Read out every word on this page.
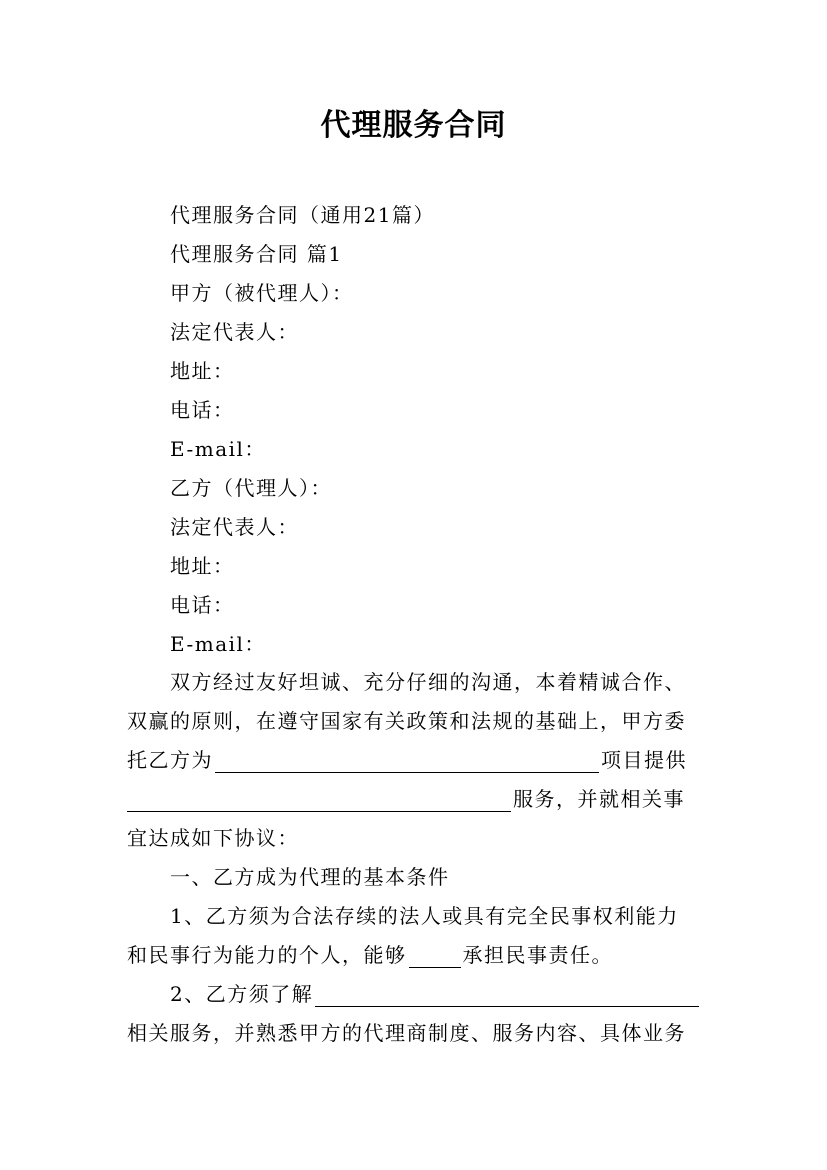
代理服务合同
代理服务合同（通用21篇）
代理服务合同 篇1
甲方（被代理人）：
法定代表人：
地址：
电话：
E-mail：
乙方（代理人）：
法定代表人：
地址：
电话：
E-mail：
双方经过友好坦诚、充分仔细的沟通，本着精诚合作、
双赢的原则，在遵守国家有关政策和法规的基础上，甲方委
托乙方为	项目提供
服务，并就相关事
宜达成如下协议：
一、乙方成为代理的基本条件
1、乙方须为合法存续的法人或具有完全民事权利能力
和民事行为能力的个人，能够	承担民事责任。
2、乙方须了解
相关服务，并熟悉甲方的代理商制度、服务内容、具体业务
